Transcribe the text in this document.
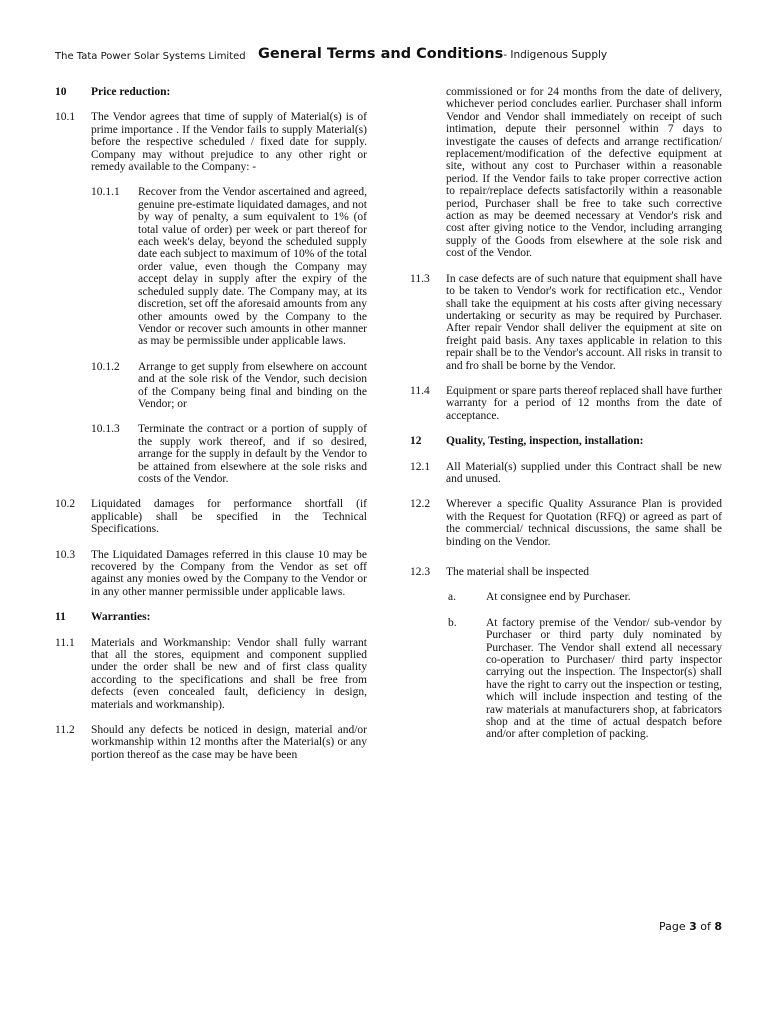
The Tata Power Solar Systems Limited General Terms and Conditions- Indigenous Supply
10	Price reduction:
10.1	The Vendor agrees that time of supply of Material(s) is of prime importance . If the Vendor fails to supply Material(s) before the respective scheduled / fixed date for supply. Company may without prejudice to any other right or remedy available to the Company: -
10.1.1	Recover from the Vendor ascertained and agreed, genuine pre-estimate liquidated damages, and not by way of penalty, a sum equivalent to 1% (of total value of order) per week or part thereof for each week's delay, beyond the scheduled supply date each subject to maximum of 10% of the total order value, even though the Company may accept delay in supply after the expiry of the scheduled supply date. The Company may, at its discretion, set off the aforesaid amounts from any other amounts owed by the Company to the Vendor or recover such amounts in other manner as may be permissible under applicable laws.
10.1.2	Arrange to get supply from elsewhere on account and at the sole risk of the Vendor, such decision of the Company being final and binding on the Vendor; or
10.1.3	Terminate the contract or a portion of supply of the supply work thereof, and if so desired, arrange for the supply in default by the Vendor to be attained from elsewhere at the sole risks and costs of the Vendor.
10.2	Liquidated damages for performance shortfall (if applicable) shall be specified in the Technical Specifications.
10.3	The Liquidated Damages referred in this clause 10 may be recovered by the Company from the Vendor as set off against any monies owed by the Company to the Vendor or in any other manner permissible under applicable laws.
11	Warranties:
11.1	Materials and Workmanship: Vendor shall fully warrant that all the stores, equipment and component supplied under the order shall be new and of first class quality according to the specifications and shall be free from defects (even concealed fault, deficiency in design, materials and workmanship).
11.2	Should any defects be noticed in design, material and/or workmanship within 12 months after the Material(s) or any portion thereof as the case may be have been
commissioned or for 24 months from the date of delivery, whichever period concludes earlier. Purchaser shall inform Vendor and Vendor shall immediately on receipt of such intimation, depute their personnel within 7 days to investigate the causes of defects and arrange rectification/ replacement/modification of the defective equipment at site, without any cost to Purchaser within a reasonable period. If the Vendor fails to take proper corrective action to repair/replace defects satisfactorily within a reasonable period, Purchaser shall be free to take such corrective action as may be deemed necessary at Vendor's risk and cost after giving notice to the Vendor, including arranging supply of the Goods from elsewhere at the sole risk and cost of the Vendor.
11.3	In case defects are of such nature that equipment shall have to be taken to Vendor's work for rectification etc., Vendor shall take the equipment at his costs after giving necessary undertaking or security as may be required by Purchaser. After repair Vendor shall deliver the equipment at site on freight paid basis. Any taxes applicable in relation to this repair shall be to the Vendor's account. All risks in transit to and fro shall be borne by the Vendor.
11.4	Equipment or spare parts thereof replaced shall have further warranty for a period of 12 months from the date of acceptance.
12	Quality, Testing, inspection, installation:
12.1	All Material(s) supplied under this Contract shall be new and unused.
12.2	Wherever a specific Quality Assurance Plan is provided with the Request for Quotation (RFQ) or agreed as part of the commercial/ technical discussions, the same shall be binding on the Vendor.
12.3	The material shall be inspected
a.	At consignee end by Purchaser.
b.	At factory premise of the Vendor/ sub-vendor by Purchaser or third party duly nominated by Purchaser. The Vendor shall extend all necessary co-operation to Purchaser/ third party inspector carrying out the inspection. The Inspector(s) shall have the right to carry out the inspection or testing, which will include inspection and testing of the raw materials at manufacturers shop, at fabricators shop and at the time of actual despatch before and/or after completion of packing.
Page 3 of 8
